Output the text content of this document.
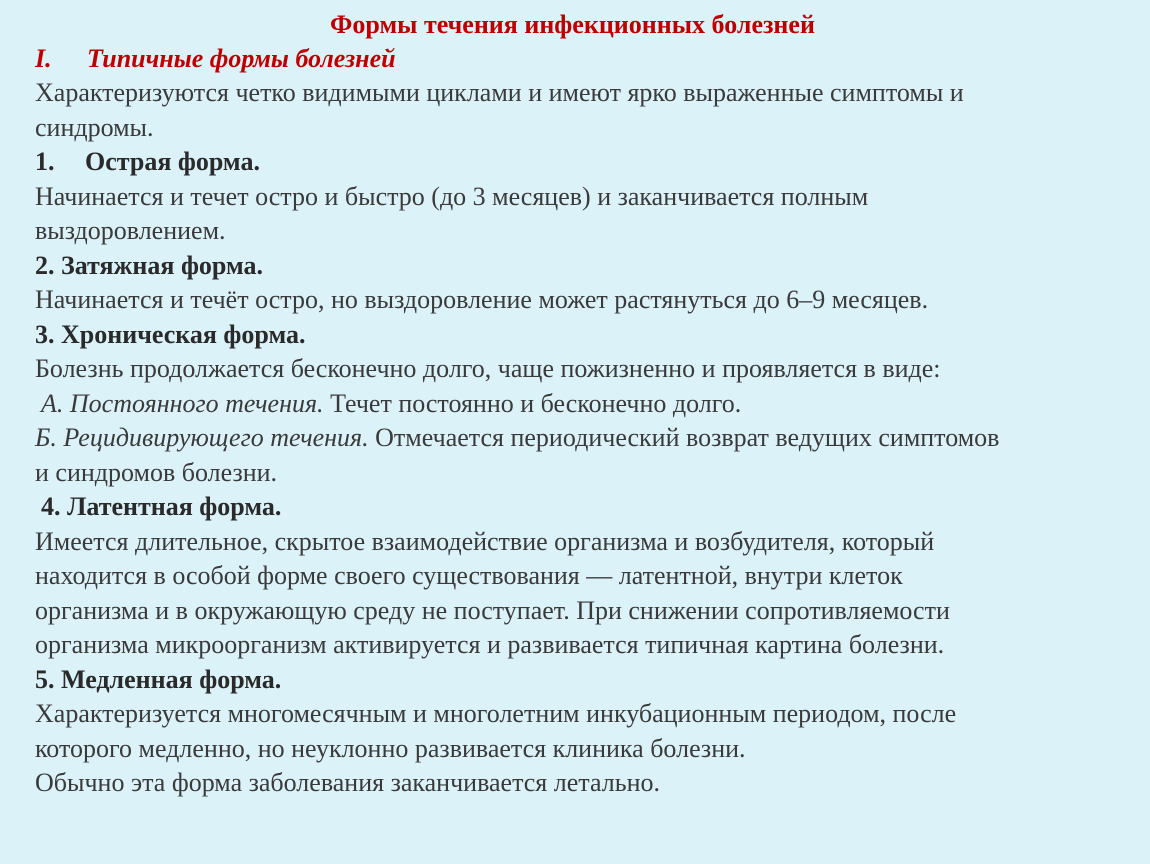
Формы течения инфекционных болезней

I. Типичные формы болезней

Характеризуются четко видимыми циклами и имеют ярко выраженные симптомы и

синдромы.

1. Острая форма.

Начинается и течет остро и быстро (до 3 месяцев) и заканчивается полным

выздоровлением.

2. Затяжная форма.

Начинается и течёт остро, но выздоровление может растянуться до 6–9 месяцев.

3. Хроническая форма.

Болезнь продолжается бесконечно долго, чаще пожизненно и проявляется в виде:

А. Постоянного течения. Течет постоянно и бесконечно долго.

Б. Рецидивирующего течения. Отмечается периодический возврат ведущих симптомов

и синдромов болезни.

4. Латентная форма.

Имеется длительное, скрытое взаимодействие организма и возбудителя, который

находится в особой форме своего существования — латентной, внутри клеток

организма и в окружающую среду не поступает. При снижении сопротивляемости

организма микроорганизм активируется и развивается типичная картина болезни.

5. Медленная форма.

Характеризуется многомесячным и многолетним инкубационным периодом, после

которого медленно, но неуклонно развивается клиника болезни.

Обычно эта форма заболевания заканчивается летально.
